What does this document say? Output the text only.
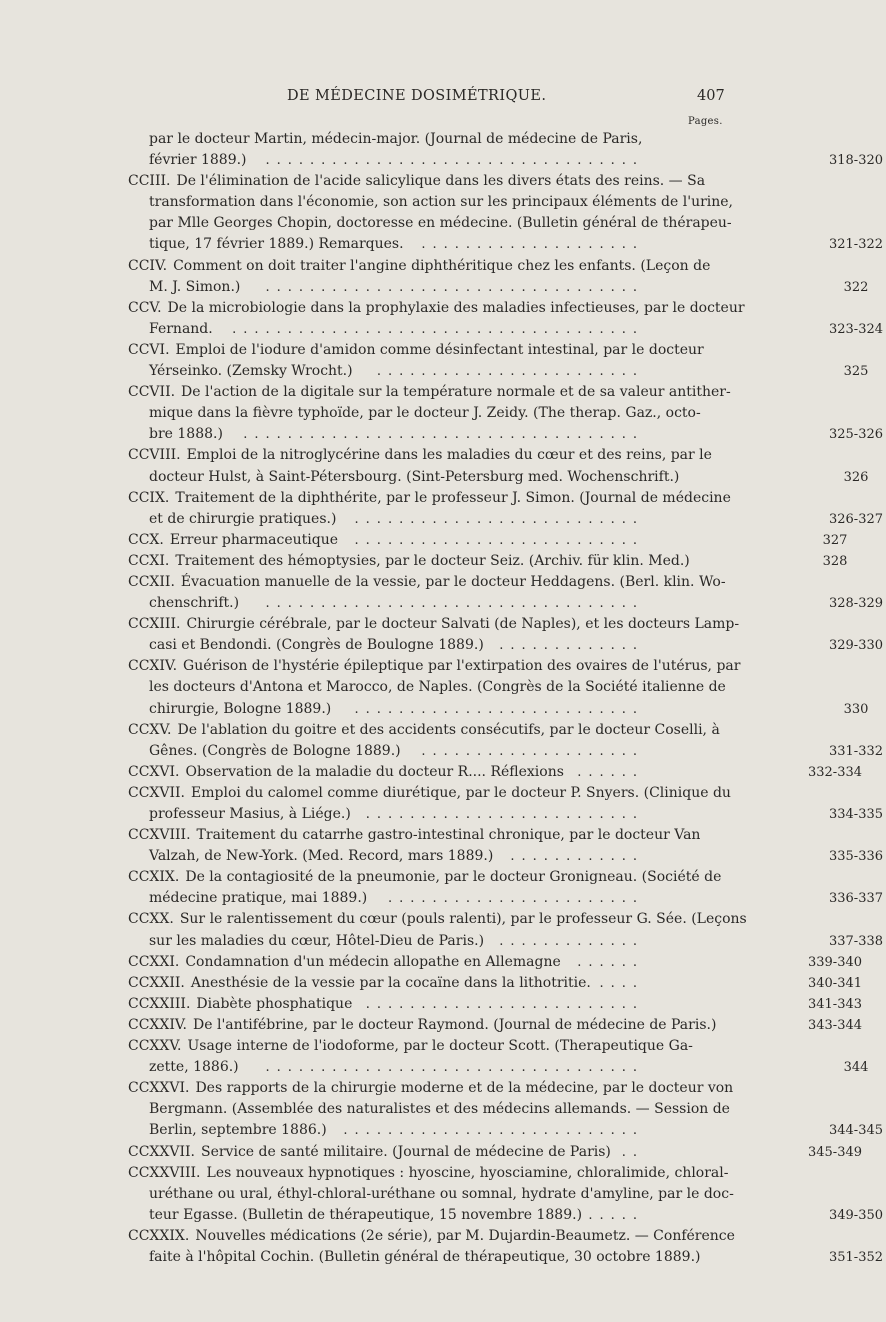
DE MÉDECINE DOSIMÉTRIQUE.	407
Pages.
par le docteur Martin, médecin-major. (Journal de médecine de Paris,
février 1889.) ..................................	318-320
CCIII. De l'élimination de l'acide salicylique dans les divers états des reins. — Sa
transformation dans l'économie, son action sur les principaux éléments de l'urine,
par Mlle Georges Chopin, doctoresse en médecine. (Bulletin général de thérapeu-
tique, 17 février 1889.) Remarques. ....................	321-322
CCIV. Comment on doit traiter l'angine diphthéritique chez les enfants. (Leçon de
M. J. Simon.) ..................................	322
CCV. De la microbiologie dans la prophylaxie des maladies infectieuses, par le docteur
Fernand. .....................................	323-324
CCVI. Emploi de l'iodure d'amidon comme désinfectant intestinal, par le docteur
Yérseinko. (Zemsky Wrocht.) ........................	325
CCVII. De l'action de la digitale sur la température normale et de sa valeur antither-
mique dans la fièvre typhoïde, par le docteur J. Zeidy. (The therap. Gaz., octo-
bre 1888.) ....................................	325-326
CCVIII. Emploi de la nitroglycérine dans les maladies du cœur et des reins, par le
docteur Hulst, à Saint-Pétersbourg. (Sint-Petersburg med. Wochenschrift.)	326
CCIX. Traitement de la diphthérite, par le professeur J. Simon. (Journal de médecine
et de chirurgie pratiques.) ..........................	326-327
CCX. Erreur pharmaceutique ..........................	327
CCXI. Traitement des hémoptysies, par le docteur Seiz. (Archiv. für klin. Med.)	328
CCXII. Évacuation manuelle de la vessie, par le docteur Heddagens. (Berl. klin. Wo-
chenschrift.) ..................................	328-329
CCXIII. Chirurgie cérébrale, par le docteur Salvati (de Naples), et les docteurs Lamp-
casi et Bendondi. (Congrès de Boulogne 1889.) .............	329-330
CCXIV. Guérison de l'hystérie épileptique par l'extirpation des ovaires de l'utérus, par
les docteurs d'Antona et Marocco, de Naples. (Congrès de la Société italienne de
chirurgie, Bologne 1889.) ..........................	330
CCXV. De l'ablation du goitre et des accidents consécutifs, par le docteur Coselli, à
Gênes. (Congrès de Bologne 1889.) ....................	331-332
CCXVI. Observation de la maladie du docteur R.... Réflexions ......	332-334
CCXVII. Emploi du calomel comme diurétique, par le docteur P. Snyers. (Clinique du
professeur Masius, à Liége.) .........................	334-335
CCXVIII. Traitement du catarrhe gastro-intestinal chronique, par le docteur Van
Valzah, de New-York. (Med. Record, mars 1889.) ............	335-336
CCXIX. De la contagiosité de la pneumonie, par le docteur Gronigneau. (Société de
médecine pratique, mai 1889.) .......................	336-337
CCXX. Sur le ralentissement du cœur (pouls ralenti), par le professeur G. Sée. (Leçons
sur les maladies du cœur, Hôtel-Dieu de Paris.) .............	337-338
CCXXI. Condamnation d'un médecin allopathe en Allemagne ......	339-340
CCXXII. Anesthésie de la vessie par la cocaïne dans la lithotritie. ....	340-341
CCXXIII. Diabète phosphatique .........................	341-343
CCXXIV. De l'antifébrine, par le docteur Raymond. (Journal de médecine de Paris.)	343-344
CCXXV. Usage interne de l'iodoforme, par le docteur Scott. (Therapeutique Ga-
zette, 1886.) ..................................	344
CCXXVI. Des rapports de la chirurgie moderne et de la médecine, par le docteur von
Bergmann. (Assemblée des naturalistes et des médecins allemands. — Session de
Berlin, septembre 1886.) ...........................	344-345
CCXXVII. Service de santé militaire. (Journal de médecine de Paris) ..	345-349
CCXXVIII. Les nouveaux hypnotiques : hyoscine, hyosciamine, chloralimide, chloral-
uréthane ou ural, éthyl-chloral-uréthane ou somnal, hydrate d'amyline, par le doc-
teur Egasse. (Bulletin de thérapeutique, 15 novembre 1889.) .....	349-350
CCXXIX. Nouvelles médications (2e série), par M. Dujardin-Beaumetz. — Conférence
faite à l'hôpital Cochin. (Bulletin général de thérapeutique, 30 octobre 1889.)	351-352
